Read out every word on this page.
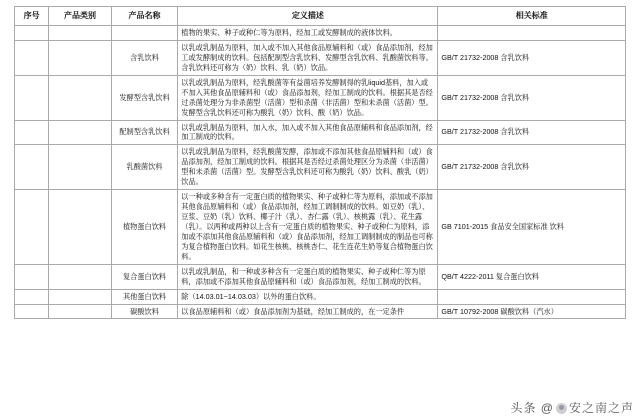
序号	产品类别	产品名称	定义描述	相关标准
			植物的果实、种子或种仁等为原料，经加工或发酵制成的液体饮料。	
		含乳饮料	以乳或乳制品为原料，加入或不加入其他食品原辅料和（或）食品添加剂，经加工或发酵制成的饮料。包括配制型含乳饮料、发酵型含乳饮料、乳酸菌饮料等。含乳饮料还可称为（奶）饮料、乳（奶）饮品。	GB/T 21732-2008 含乳饮料
		发酵型含乳饮料	以乳或乳制品为原料，经乳酸菌等有益菌培养发酵制得的乳liquid基料，加入或不加入其他食品原辅料和（或）食品添加剂，经加工制成的饮料。根据其是否经过杀菌处理分为非杀菌型（活菌）型和杀菌（非活菌）型和未杀菌（活菌）型。发酵型含乳饮料还可称为酸乳（奶）饮料、酸（奶）饮品。	GB/T 21732-2008 含乳饮料
		配制型含乳饮料	以乳或乳制品为原料，加入水，加入或不加入其他食品原辅料和食品添加剂，经加工制成的饮料。	GB/T 21732-2008 含乳饮料
		乳酸菌饮料	以乳或乳制品为原料，经乳酸菌发酵，添加或不添加其他食品原辅料和（或）食品添加剂，经加工制成的饮料。根据其是否经过杀菌处理区分为杀菌（非活菌）型和未杀菌（活菌）型。发酵型含乳饮料还可称为酸乳（奶）饮料、酸乳（奶）饮品。	GB/T 21732-2008 含乳饮料
		植物蛋白饮料	以一种或多种含有一定蛋白质的植物果实、种子或种仁等为原料，添加或不添加其他食品原辅料和（或）食品添加剂，经加工调制制成的饮料。如豆奶（乳）、豆浆、豆奶（乳）饮料、椰子汁（乳）、杏仁露（乳）、核桃露（乳）、花生露（乳）。以两种或两种以上含有一定蛋白质的植物果实、种子或种仁为原料，添加或不添加其他食品原辅料和（或）食品添加剂，经加工调制制成的制品也可称为复合植物蛋白饮料。如花生核桃、核桃杏仁、花生连花生奶等复合植物蛋白饮料。	GB 7101-2015 食品安全国家标准 饮料
		复合蛋白饮料	以乳或乳制品，和一种或多种含有一定蛋白质的植物果实、种子或种仁等为原料，添加或不添加其他食品原辅料和（或）食品添加剂，经加工制成的饮料。	QB/T 4222-2011 复合蛋白饮料
		其他蛋白饮料	除（14.03.01~14.03.03）以外的蛋白饮料。	
		碳酸饮料	以食品原辅料和（或）食品添加剂为基础，经加工制成的，在一定条件	GB/T 10792-2008 碳酸饮料（汽水）
头条 @ 安之南之声
